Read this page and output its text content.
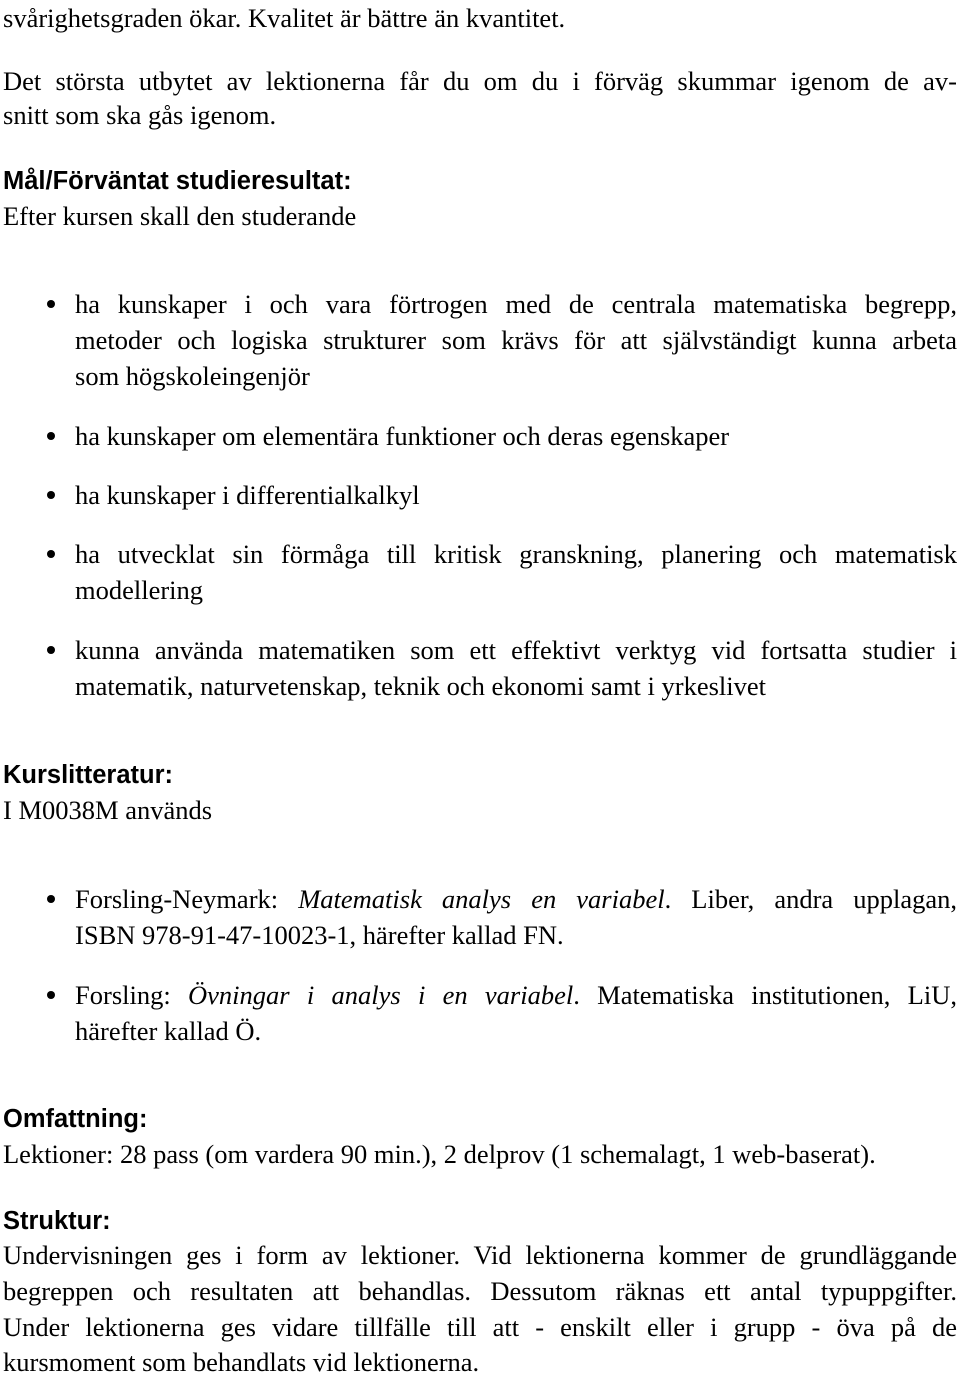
svårighetsgraden ökar. Kvalitet är bättre än kvantitet.
Det största utbytet av lektionerna får du om du i förväg skummar igenom de av-
snitt som ska gås igenom.
Mål/Förväntat studieresultat:
Efter kursen skall den studerande
ha kunskaper i och vara förtrogen med de centrala matematiska begrepp,
metoder och logiska strukturer som krävs för att självständigt kunna arbeta
som högskoleingenjör
ha kunskaper om elementära funktioner och deras egenskaper
ha kunskaper i differentialkalkyl
ha utvecklat sin förmåga till kritisk granskning, planering och matematisk
modellering
kunna använda matematiken som ett effektivt verktyg vid fortsatta studier i
matematik, naturvetenskap, teknik och ekonomi samt i yrkeslivet
Kurslitteratur:
I M0038M används
Forsling-Neymark: Matematisk analys en variabel. Liber, andra upplagan,
ISBN 978-91-47-10023-1, härefter kallad FN.
Forsling: Övningar i analys i en variabel. Matematiska institutionen, LiU,
härefter kallad Ö.
Omfattning:
Lektioner: 28 pass (om vardera 90 min.), 2 delprov (1 schemalagt, 1 web-baserat).
Struktur:
Undervisningen ges i form av lektioner. Vid lektionerna kommer de grundläggande
begreppen och resultaten att behandlas. Dessutom räknas ett antal typuppgifter.
Under lektionerna ges vidare tillfälle till att - enskilt eller i grupp - öva på de
kursmoment som behandlats vid lektionerna.
